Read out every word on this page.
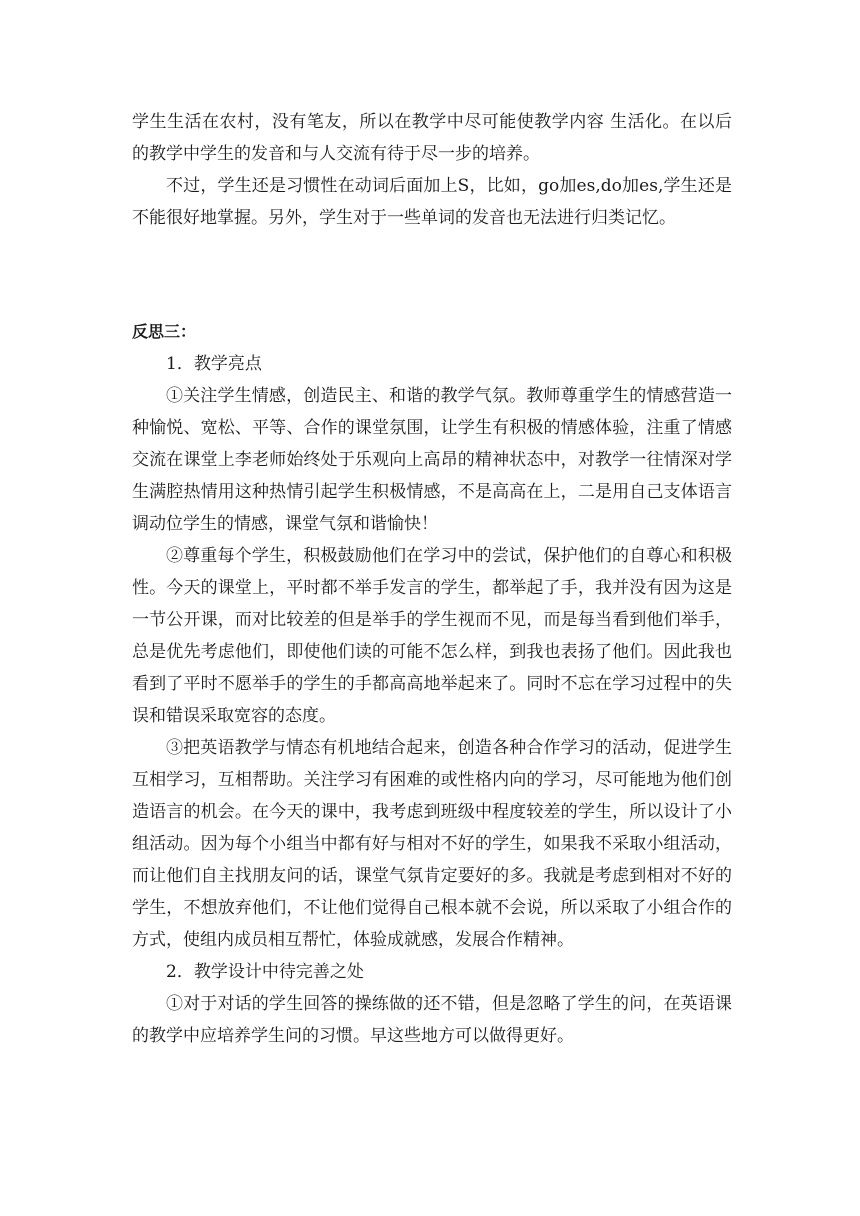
学生生活在农村，没有笔友，所以在教学中尽可能使教学内容 生活化。在以后的教学中学生的发音和与人交流有待于尽一步的培养。

不过，学生还是习惯性在动词后面加上S，比如，go加es,do加es,学生还是不能很好地掌握。另外，学生对于一些单词的发音也无法进行归类记忆。

反思三：

1．教学亮点

①关注学生情感，创造民主、和谐的教学气氛。教师尊重学生的情感营造一种愉悦、宽松、平等、合作的课堂氛围，让学生有积极的情感体验，注重了情感交流在课堂上李老师始终处于乐观向上高昂的精神状态中，对教学一往情深对学生满腔热情用这种热情引起学生积极情感，不是高高在上，二是用自己支体语言调动位学生的情感，课堂气氛和谐愉快！

②尊重每个学生，积极鼓励他们在学习中的尝试，保护他们的自尊心和积极性。今天的课堂上，平时都不举手发言的学生，都举起了手，我并没有因为这是一节公开课，而对比较差的但是举手的学生视而不见，而是每当看到他们举手，总是优先考虑他们，即使他们读的可能不怎么样，到我也表扬了他们。因此我也看到了平时不愿举手的学生的手都高高地举起来了。同时不忘在学习过程中的失误和错误采取宽容的态度。

③把英语教学与情态有机地结合起来，创造各种合作学习的活动，促进学生互相学习，互相帮助。关注学习有困难的或性格内向的学习，尽可能地为他们创造语言的机会。在今天的课中，我考虑到班级中程度较差的学生，所以设计了小组活动。因为每个小组当中都有好与相对不好的学生，如果我不采取小组活动，而让他们自主找朋友问的话，课堂气氛肯定要好的多。我就是考虑到相对不好的学生，不想放弃他们，不让他们觉得自己根本就不会说，所以采取了小组合作的方式，使组内成员相互帮忙，体验成就感，发展合作精神。

2．教学设计中待完善之处

①对于对话的学生回答的操练做的还不错，但是忽略了学生的问，在英语课的教学中应培养学生问的习惯。早这些地方可以做得更好。
